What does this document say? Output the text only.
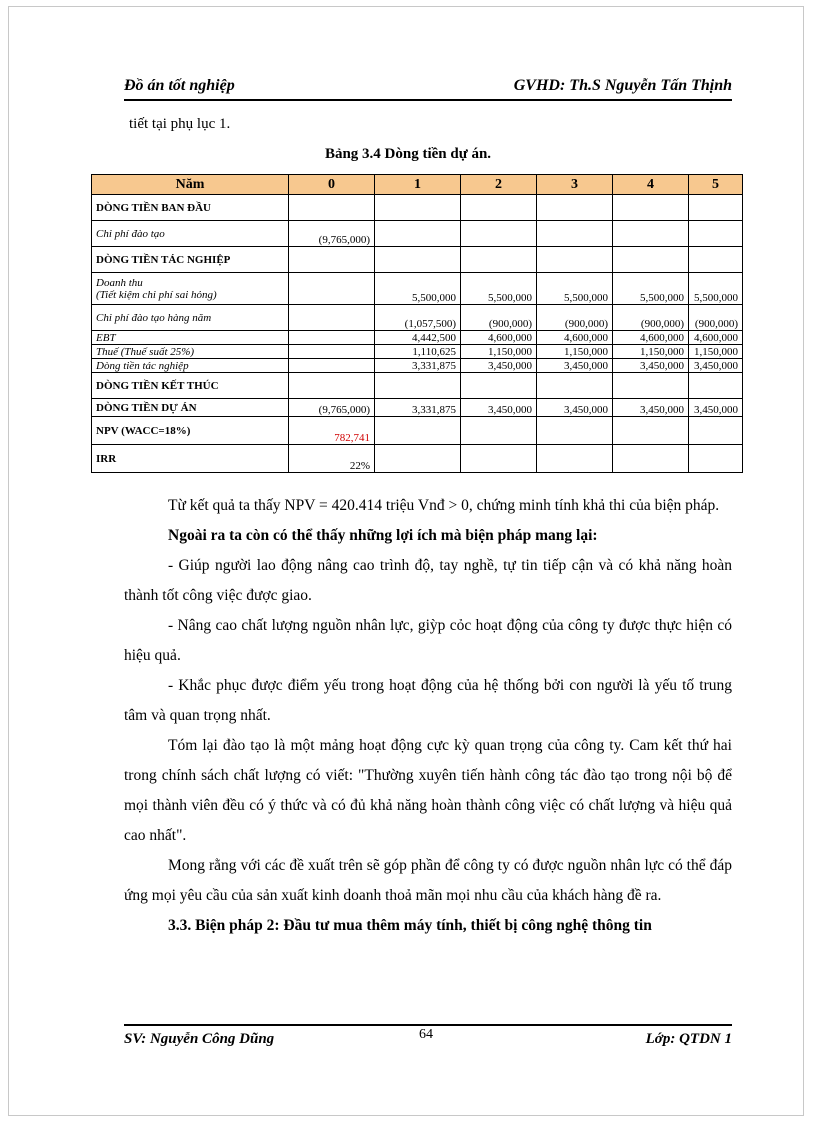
Đồ án tốt nghiệp	GVHD: Th.S Nguyễn Tấn Thịnh
tiết tại phụ lục 1.
Bảng 3.4 Dòng tiền dự án.
Năm	0	1	2	3	4	5
DÒNG TIỀN BAN ĐẦU						
Chi phí đào tạo	(9,765,000)					
DÒNG TIỀN TÁC NGHIỆP						
Doanh thu
(Tiết kiệm chi phí sai hỏng)		5,500,000	5,500,000	5,500,000	5,500,000	5,500,000
Chi phí đào tạo hàng năm		(1,057,500)	(900,000)	(900,000)	(900,000)	(900,000)
EBT		4,442,500	4,600,000	4,600,000	4,600,000	4,600,000
Thuế (Thuế suất 25%)		1,110,625	1,150,000	1,150,000	1,150,000	1,150,000
Dòng tiền tác nghiệp		3,331,875	3,450,000	3,450,000	3,450,000	3,450,000
DÒNG TIỀN KẾT THÚC						
DÒNG TIỀN DỰ ÁN	(9,765,000)	3,331,875	3,450,000	3,450,000	3,450,000	3,450,000
NPV (WACC=18%)	782,741					
IRR	22%					

Từ kết quả ta thấy NPV = 420.414 triệu Vnđ > 0, chứng minh tính khả thi của biện pháp.

Ngoài ra ta còn có thể thấy những lợi ích mà biện pháp mang lại:

- Giúp người lao động nâng cao trình độ, tay nghề, tự tin tiếp cận và có khả năng hoàn thành tốt công việc được giao.

- Nâng cao chất lượng nguồn nhân lực, giỳp cỏc hoạt động của công ty được thực hiện có hiệu quả.

- Khắc phục được điểm yếu trong hoạt động của hệ thống bởi con người là yếu tố trung tâm và quan trọng nhất.

Tóm lại đào tạo là một mảng hoạt động cực kỳ quan trọng của công ty. Cam kết thứ hai trong chính sách chất lượng có viết: "Thường xuyên tiến hành công tác đào tạo trong nội bộ để mọi thành viên đều có ý thức và có đủ khả năng hoàn thành công việc có chất lượng và hiệu quả cao nhất".

Mong rằng với các đề xuất trên sẽ góp phần để công ty có được nguồn nhân lực có thể đáp ứng mọi yêu cầu của sản xuất kinh doanh thoả mãn mọi nhu cầu của khách hàng đề ra.

3.3. Biện pháp 2: Đầu tư mua thêm máy tính, thiết bị công nghệ thông tin

SV: Nguyễn Công Dũng	64	Lớp: QTDN 1
